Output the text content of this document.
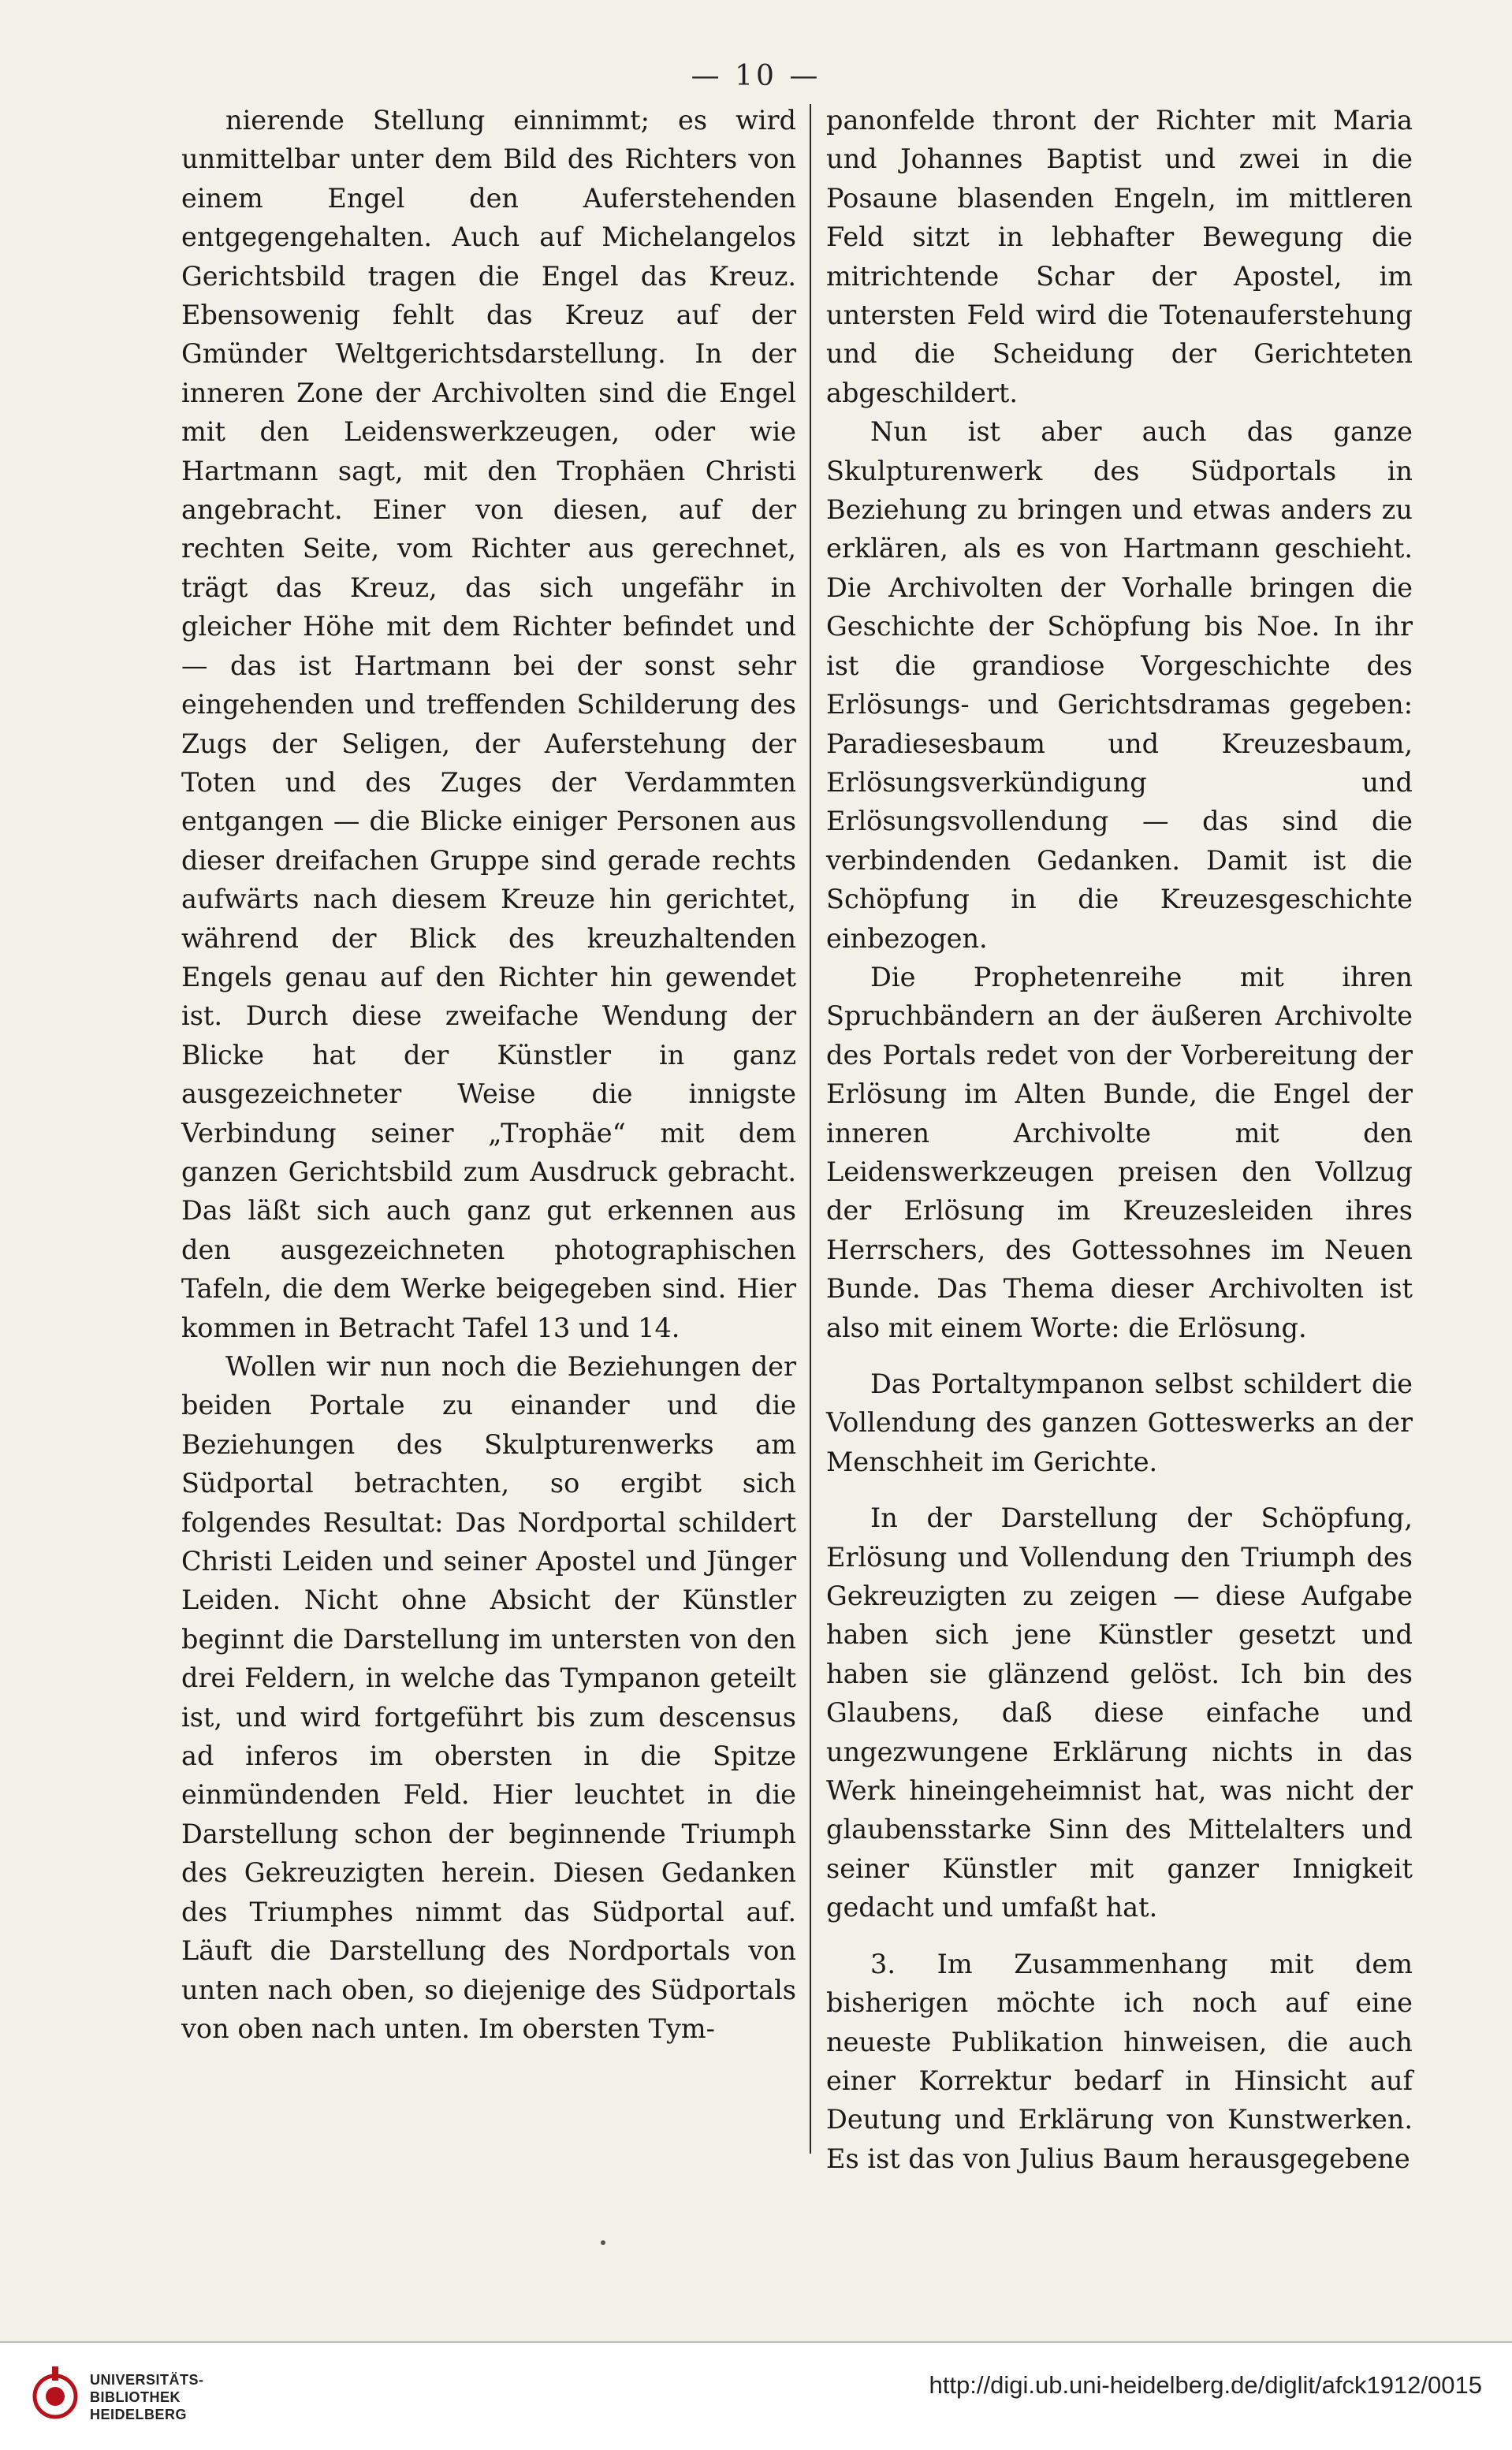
— 10 —

nierende Stellung einnimmt; es wird unmittelbar unter dem Bild des Richters von einem Engel den Auferstehenden entgegengehalten. Auch auf Michelangelos Gerichtsbild tragen die Engel das Kreuz. Ebensowenig fehlt das Kreuz auf der Gmünder Weltgerichtsdarstellung. In der inneren Zone der Archivolten sind die Engel mit den Leidenswerkzeugen, oder wie Hartmann sagt, mit den Trophäen Christi angebracht. Einer von diesen, auf der rechten Seite, vom Richter aus gerechnet, trägt das Kreuz, das sich ungefähr in gleicher Höhe mit dem Richter befindet und — das ist Hartmann bei der sonst sehr eingehenden und treffenden Schilderung des Zugs der Seligen, der Auferstehung der Toten und des Zuges der Verdammten entgangen — die Blicke einiger Personen aus dieser dreifachen Gruppe sind gerade rechts aufwärts nach diesem Kreuze hin gerichtet, während der Blick des kreuzhaltenden Engels genau auf den Richter hin gewendet ist. Durch diese zweifache Wendung der Blicke hat der Künstler in ganz ausgezeichneter Weise die innigste Verbindung seiner „Trophäe“ mit dem ganzen Gerichtsbild zum Ausdruck gebracht. Das läßt sich auch ganz gut erkennen aus den ausgezeichneten photographischen Tafeln, die dem Werke beigegeben sind. Hier kommen in Betracht Tafel 13 und 14.

Wollen wir nun noch die Beziehungen der beiden Portale zu einander und die Beziehungen des Skulpturenwerks am Südportal betrachten, so ergibt sich folgendes Resultat: Das Nordportal schildert Christi Leiden und seiner Apostel und Jünger Leiden. Nicht ohne Absicht der Künstler beginnt die Darstellung im untersten von den drei Feldern, in welche das Tympanon geteilt ist, und wird fortgeführt bis zum descensus ad inferos im obersten in die Spitze einmündenden Feld. Hier leuchtet in die Darstellung schon der beginnende Triumph des Gekreuzigten herein. Diesen Gedanken des Triumphes nimmt das Südportal auf. Läuft die Darstellung des Nordportals von unten nach oben, so diejenige des Südportals von oben nach unten. Im obersten Tym-

panonfelde thront der Richter mit Maria und Johannes Baptist und zwei in die Posaune blasenden Engeln, im mittleren Feld sitzt in lebhafter Bewegung die mitrichtende Schar der Apostel, im untersten Feld wird die Totenauferstehung und die Scheidung der Gerichteten abgeschildert.

Nun ist aber auch das ganze Skulpturenwerk des Südportals in Beziehung zu bringen und etwas anders zu erklären, als es von Hartmann geschieht. Die Archivolten der Vorhalle bringen die Geschichte der Schöpfung bis Noe. In ihr ist die grandiose Vorgeschichte des Erlösungs- und Gerichtsdramas gegeben: Paradiesesbaum und Kreuzesbaum, Erlösungsverkündigung und Erlösungsvollendung — das sind die verbindenden Gedanken. Damit ist die Schöpfung in die Kreuzesgeschichte einbezogen.

Die Prophetenreihe mit ihren Spruchbändern an der äußeren Archivolte des Portals redet von der Vorbereitung der Erlösung im Alten Bunde, die Engel der inneren Archivolte mit den Leidenswerkzeugen preisen den Vollzug der Erlösung im Kreuzesleiden ihres Herrschers, des Gottessohnes im Neuen Bunde. Das Thema dieser Archivolten ist also mit einem Worte: die Erlösung.

Das Portaltympanon selbst schildert die Vollendung des ganzen Gotteswerks an der Menschheit im Gerichte.

In der Darstellung der Schöpfung, Erlösung und Vollendung den Triumph des Gekreuzigten zu zeigen — diese Aufgabe haben sich jene Künstler gesetzt und haben sie glänzend gelöst. Ich bin des Glaubens, daß diese einfache und ungezwungene Erklärung nichts in das Werk hineingeheimnist hat, was nicht der glaubensstarke Sinn des Mittelalters und seiner Künstler mit ganzer Innigkeit gedacht und umfaßt hat.

3. Im Zusammenhang mit dem bisherigen möchte ich noch auf eine neueste Publikation hinweisen, die auch einer Korrektur bedarf in Hinsicht auf Deutung und Erklärung von Kunstwerken. Es ist das von Julius Baum herausgegebene

UNIVERSITÄTS-
BIBLIOTHEK
HEIDELBERG
http://digi.ub.uni-heidelberg.de/diglit/afck1912/0015
